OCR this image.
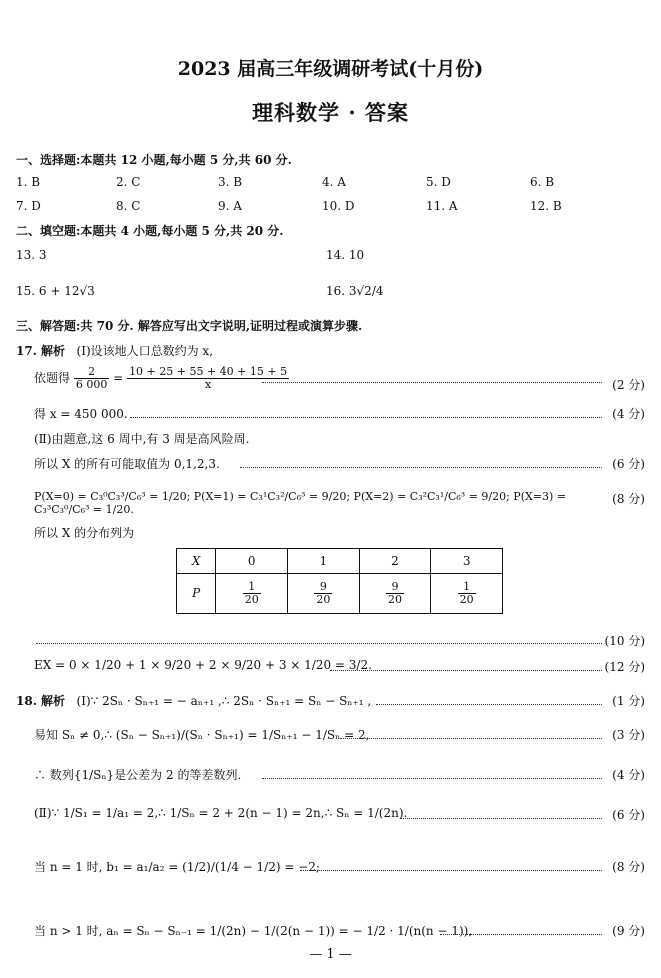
2023 届高三年级调研考试(十月份)
理科数学 · 答案
一、选择题:本题共 12 小题,每小题 5 分,共 60 分.
1. B	2. C	3. B	4. A	5. D	6. B
7. D	8. C	9. A	10. D	11. A	12. B
二、填空题:本题共 4 小题,每小题 5 分,共 20 分.
13. 3	14. 10
15. 6 + 12√3	16. 3√2/4
三、解答题:共 70 分. 解答应写出文字说明,证明过程或演算步骤.
17. 解析 (Ⅰ)设该地人口总数约为 x,
依题得 $\frac{2}{6 000} = \frac{10 + 25 + 55 + 40 + 15 + 5}{x}$	(2 分)
得 x = 450 000.	(4 分)
(Ⅱ)由题意,这 6 周中,有 3 周是高风险周.
所以 X 的所有可能取值为 0,1,2,3.	(6 分)
P(X=0) = C₃⁰C₃³/C₆³ = 1/20; P(X=1) = C₃¹C₃²/C₆³ = 9/20; P(X=2) = C₃²C₃¹/C₆³ = 9/20; P(X=3) = C₃³C₃⁰/C₆³ = 1/20.
(8 分)
所以 X 的分布列为
X	0	1	2	3
P	$\frac{1}{20}$	$\frac{9}{20}$	$\frac{9}{20}$	$\frac{1}{20}$
(10 分)
EX = 0 × 1/20 + 1 × 9/20 + 2 × 9/20 + 3 × 1/20 = 3/2.	(12 分)
18. 解析 (Ⅰ)∵ 2Sₙ · Sₙ₊₁ = − aₙ₊₁ ,∴ 2Sₙ · Sₙ₊₁ = Sₙ − Sₙ₊₁ ,	(1 分)
易知 Sₙ ≠ 0,∴ (Sₙ − Sₙ₊₁)/(Sₙ · Sₙ₊₁) = 1/Sₙ₊₁ − 1/Sₙ = 2,	(3 分)
∴ 数列{1/Sₙ}是公差为 2 的等差数列.	(4 分)
(Ⅱ)∵ 1/S₁ = 1/a₁ = 2,∴ 1/Sₙ = 2 + 2(n − 1) = 2n,∴ Sₙ = 1/(2n).	(6 分)
当 n = 1 时, b₁ = a₁/a₂ = (1/2)/(1/4 − 1/2) = −2;	(8 分)
当 n > 1 时, aₙ = Sₙ − Sₙ₋₁ = 1/(2n) − 1/(2(n − 1)) = − 1/2 · 1/(n(n − 1)),	(9 分)
— 1 —
